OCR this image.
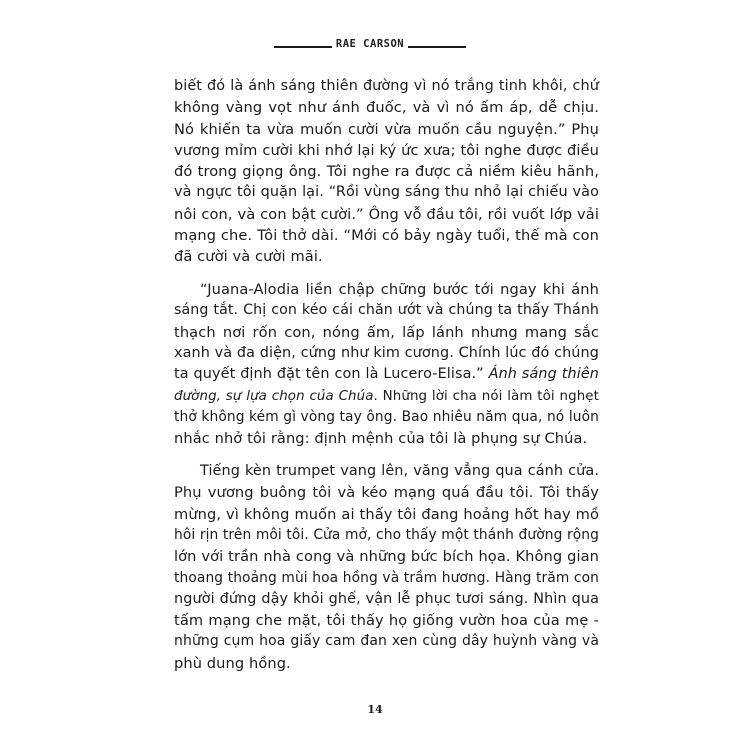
RAE CARSON
biết đó là ánh sáng thiên đường vì nó trắng tinh khôi, chứ
không vàng vọt như ánh đuốc, và vì nó ấm áp, dễ chịu.
Nó khiến ta vừa muốn cười vừa muốn cầu nguyện.” Phụ
vương mỉm cười khi nhớ lại ký ức xưa; tôi nghe được điều
đó trong giọng ông. Tôi nghe ra được cả niềm kiêu hãnh,
và ngực tôi quặn lại. “Rồi vùng sáng thu nhỏ lại chiếu vào
nôi con, và con bật cười.” Ông vỗ đầu tôi, rồi vuốt lớp vải
mạng che. Tôi thở dài. “Mới có bảy ngày tuổi, thế mà con
đã cười và cười mãi.
“Juana-Alodia liền chập chững bước tới ngay khi ánh
sáng tắt. Chị con kéo cái chăn ướt và chúng ta thấy Thánh
thạch nơi rốn con, nóng ấm, lấp lánh nhưng mang sắc
xanh và đa diện, cứng như kim cương. Chính lúc đó chúng
ta quyết định đặt tên con là Lucero-Elisa.” Ánh sáng thiên
đường, sự lựa chọn của Chúa. Những lời cha nói làm tôi nghẹt
thở không kém gì vòng tay ông. Bao nhiêu năm qua, nó luôn
nhắc nhở tôi rằng: định mệnh của tôi là phụng sự Chúa.
Tiếng kèn trumpet vang lên, văng vẳng qua cánh cửa.
Phụ vương buông tôi và kéo mạng quá đầu tôi. Tôi thấy
mừng, vì không muốn ai thấy tôi đang hoảng hốt hay mồ
hôi rịn trên môi tôi. Cửa mở, cho thấy một thánh đường rộng
lớn với trần nhà cong và những bức bích họa. Không gian
thoang thoảng mùi hoa hồng và trầm hương. Hàng trăm con
người đứng dậy khỏi ghế, vận lễ phục tươi sáng. Nhìn qua
tấm mạng che mặt, tôi thấy họ giống vườn hoa của mẹ -
những cụm hoa giấy cam đan xen cùng dây huỳnh vàng và
phù dung hồng.
14
